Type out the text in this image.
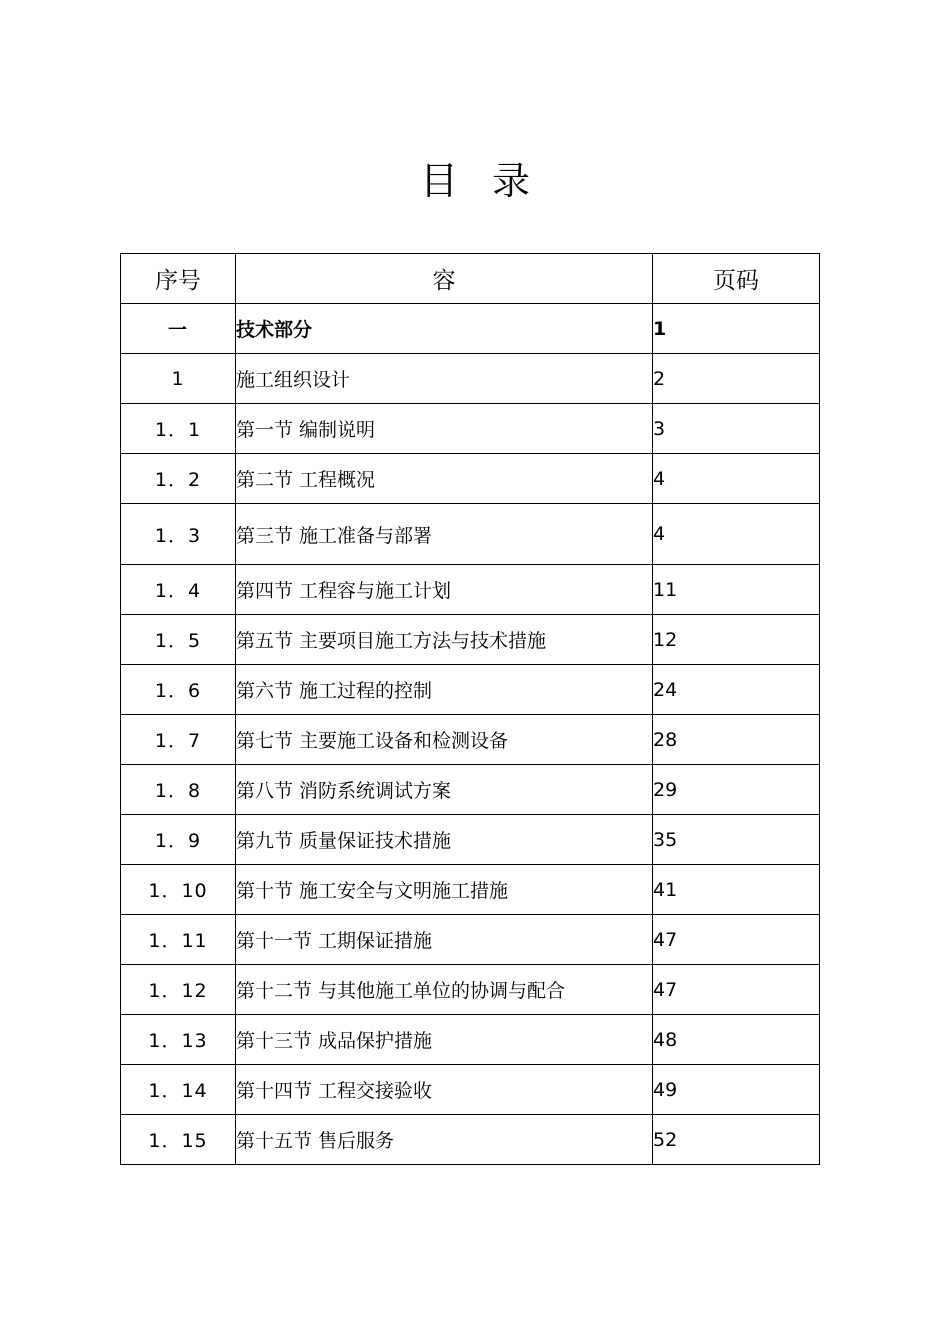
目 录
序号	容	页码
一	技术部分	1
1	施工组织设计	2
1．1	第一节 编制说明	3
1．2	第二节 工程概况	4
1．3	第三节 施工准备与部署	4
1．4	第四节 工程容与施工计划	11
1．5	第五节 主要项目施工方法与技术措施	12
1．6	第六节 施工过程的控制	24
1．7	第七节 主要施工设备和检测设备	28
1．8	第八节 消防系统调试方案	29
1．9	第九节 质量保证技术措施	35
1．10	第十节 施工安全与文明施工措施	41
1．11	第十一节 工期保证措施	47
1．12	第十二节 与其他施工单位的协调与配合	47
1．13	第十三节 成品保护措施	48
1．14	第十四节 工程交接验收	49
1．15	第十五节 售后服务	52
